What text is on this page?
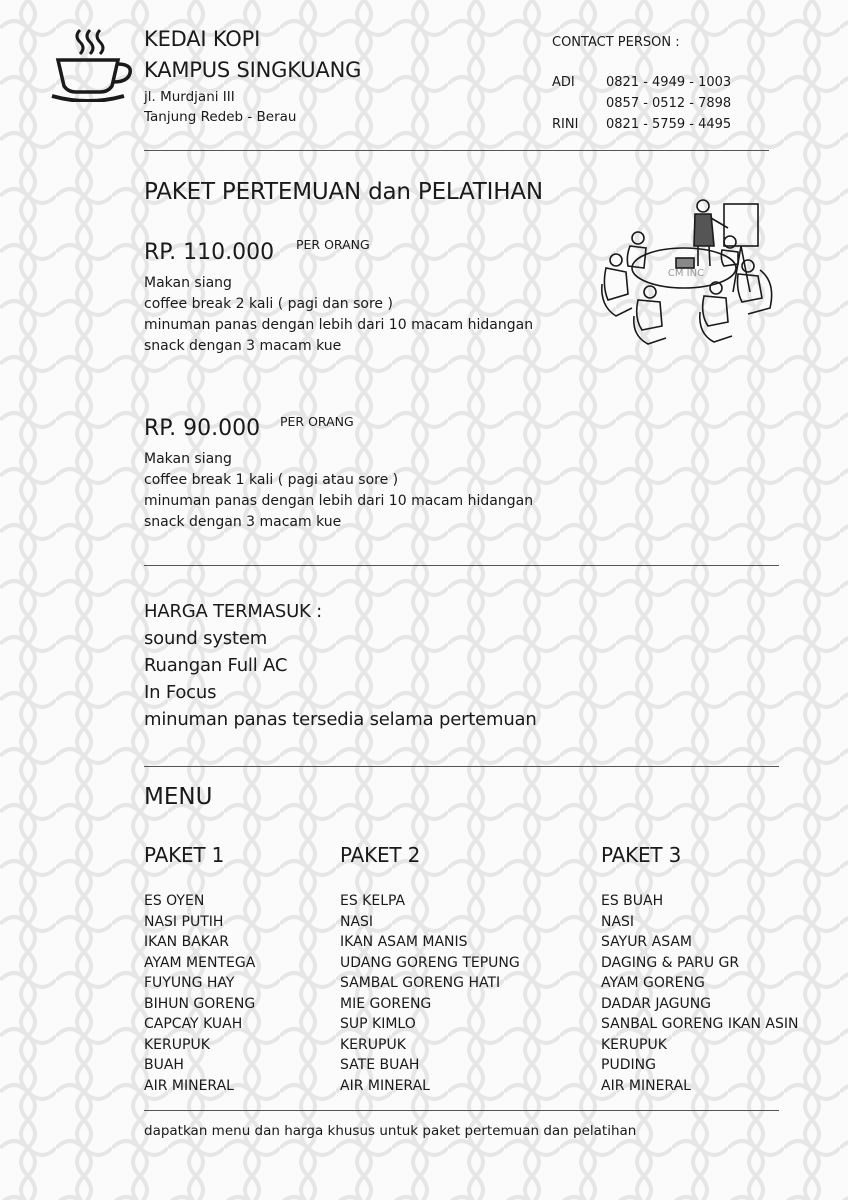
KEDAI KOPI
KAMPUS SINGKUANG
jl. Murdjani III
Tanjung Redeb - Berau
CONTACT PERSON :
ADI 0821 - 4949 - 1003
0857 - 0512 - 7898
RINI 0821 - 5759 - 4495
PAKET PERTEMUAN dan PELATIHAN
RP. 110.000 PER ORANG
Makan siang
coffee break 2 kali ( pagi dan sore )
minuman panas dengan lebih dari 10 macam hidangan
snack dengan 3 macam kue
CM INC
RP. 90.000 PER ORANG
Makan siang
coffee break 1 kali ( pagi atau sore )
minuman panas dengan lebih dari 10 macam hidangan
snack dengan 3 macam kue
HARGA TERMASUK :
sound system
Ruangan Full AC
In Focus
minuman panas tersedia selama pertemuan
MENU
PAKET 1	PAKET 2	PAKET 3
ES OYEN
NASI PUTIH
IKAN BAKAR
AYAM MENTEGA
FUYUNG HAY
BIHUN GORENG
CAPCAY KUAH
KERUPUK
BUAH
AIR MINERAL
ES KELPA
NASI
IKAN ASAM MANIS
UDANG GORENG TEPUNG
SAMBAL GORENG HATI
MIE GORENG
SUP KIMLO
KERUPUK
SATE BUAH
AIR MINERAL
ES BUAH
NASI
SAYUR ASAM
DAGING & PARU GR
AYAM GORENG
DADAR JAGUNG
SANBAL GORENG IKAN ASIN
KERUPUK
PUDING
AIR MINERAL
dapatkan menu dan harga khusus untuk paket pertemuan dan pelatihan
